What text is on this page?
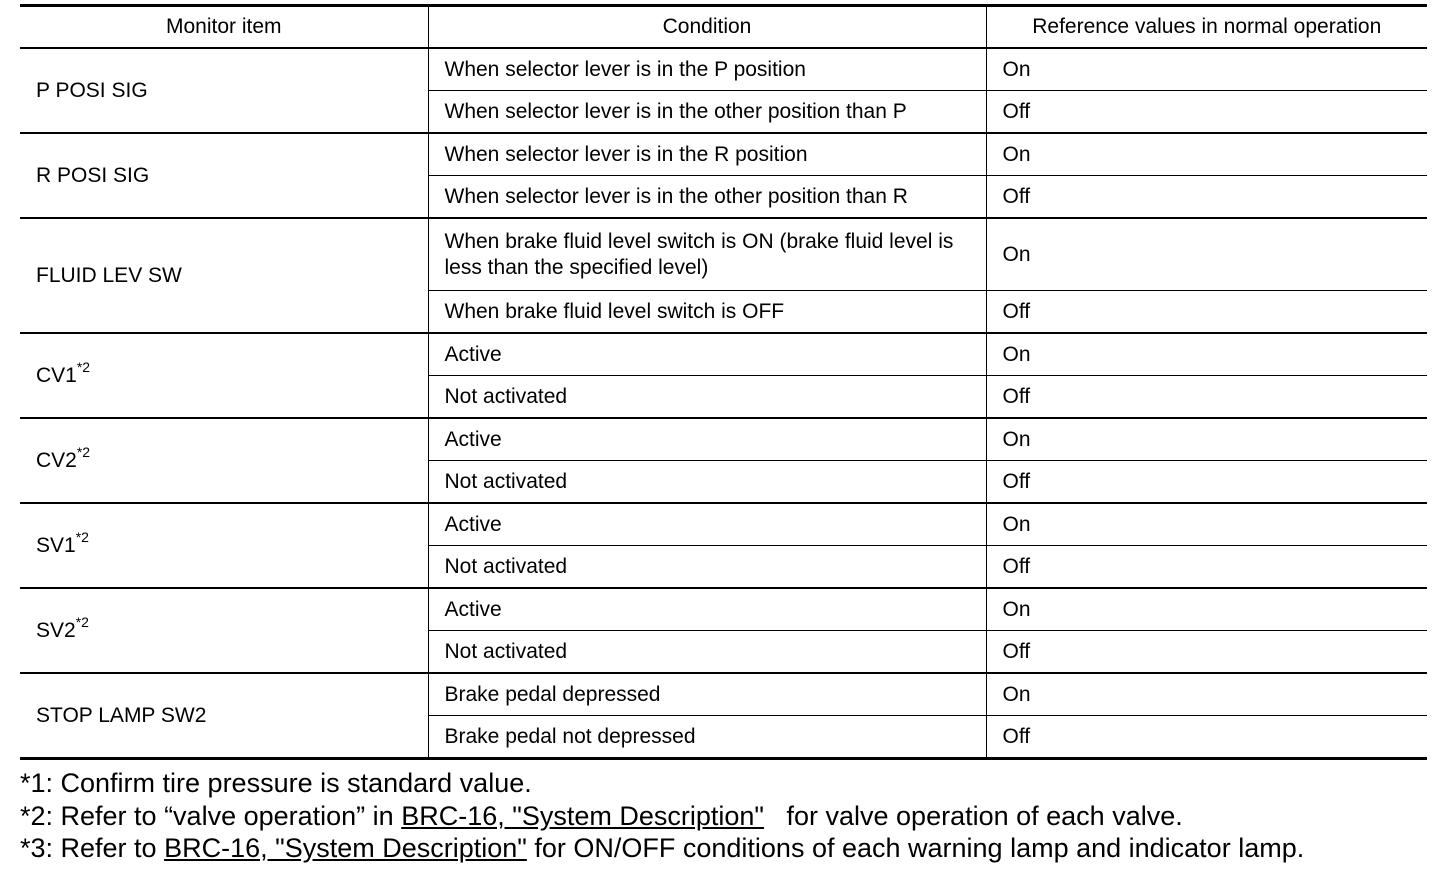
Monitor item	Condition	Reference values in normal operation
P POSI SIG	When selector lever is in the P position	On
	When selector lever is in the other position than P	Off
R POSI SIG	When selector lever is in the R position	On
	When selector lever is in the other position than R	Off
FLUID LEV SW	When brake fluid level switch is ON (brake fluid level is less than the specified level)	On
	When brake fluid level switch is OFF	Off
CV1$^{*2}$	Active	On
	Not activated	Off
CV2$^{*2}$	Active	On
	Not activated	Off
SV1$^{*2}$	Active	On
	Not activated	Off
SV2$^{*2}$	Active	On
	Not activated	Off
STOP LAMP SW2	Brake pedal depressed	On
	Brake pedal not depressed	Off
*1: Confirm tire pressure is standard value.
*2: Refer to “valve operation” in BRC-16, "System Description"   for valve operation of each valve.
*3: Refer to BRC-16, "System Description" for ON/OFF conditions of each warning lamp and indicator lamp.
